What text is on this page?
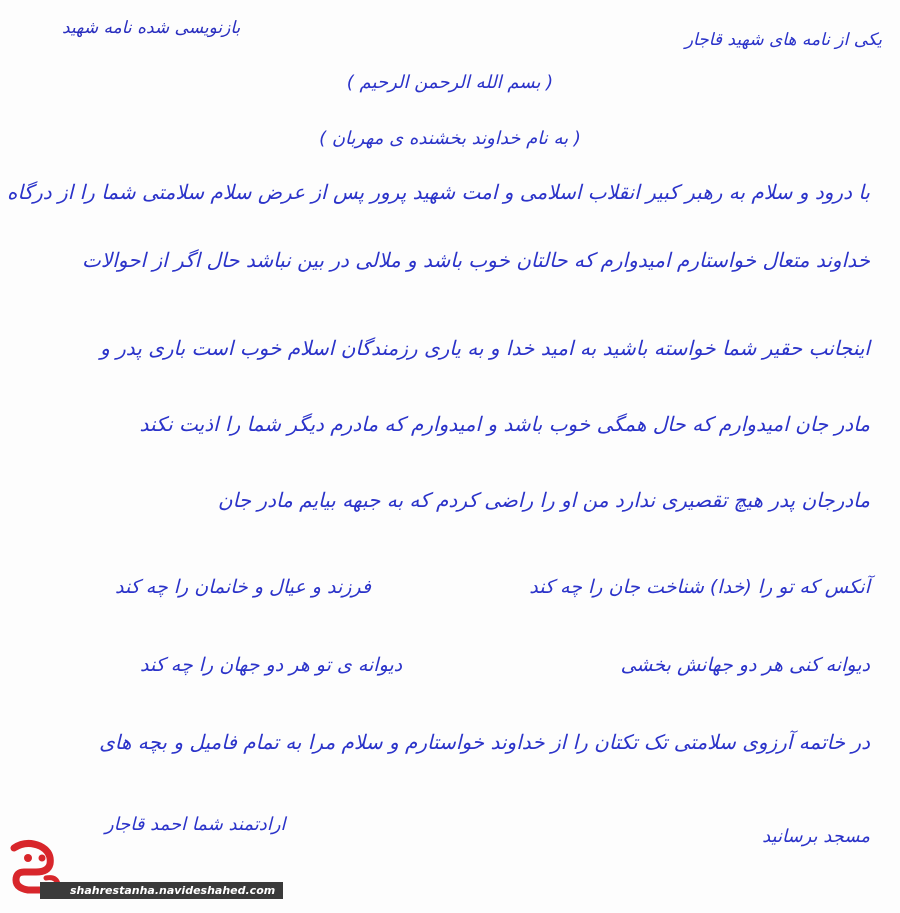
بازنویسی شده نامه شهید
یکی از نامه های شهید قاجار
( بسم الله الرحمن الرحیم )
( به نام خداوند بخشنده ی مهربان )
با درود و سلام به رهبر کبیر انقلاب اسلامی و امت شهید پرور پس از عرض سلام سلامتی شما را از درگاه
خداوند متعال خواستارم امیدوارم که حالتان خوب باشد و ملالی در بین نباشد حال اگر از احوالات
اینجانب حقیر شما خواسته باشید به امید خدا و به یاری رزمندگان اسلام خوب است باری پدر و
مادر جان امیدوارم که حال همگی خوب باشد و امیدوارم که مادرم دیگر شما را اذیت نکند
مادرجان پدر هیچ تقصیری ندارد من او را راضی کردم که به جبهه بیایم مادر جان
آنکس که تو را (خدا) شناخت جان را چه کند
فرزند و عیال و خانمان را چه کند
دیوانه کنی هر دو جهانش بخشی
دیوانه ی تو هر دو جهان را چه کند
در خاتمه آرزوی سلامتی تک تکتان را از خداوند خواستارم و سلام مرا به تمام فامیل و بچه های
ارادتمند شما احمد قاجار
مسجد برسانید
shahrestanha.navideshahed.com
